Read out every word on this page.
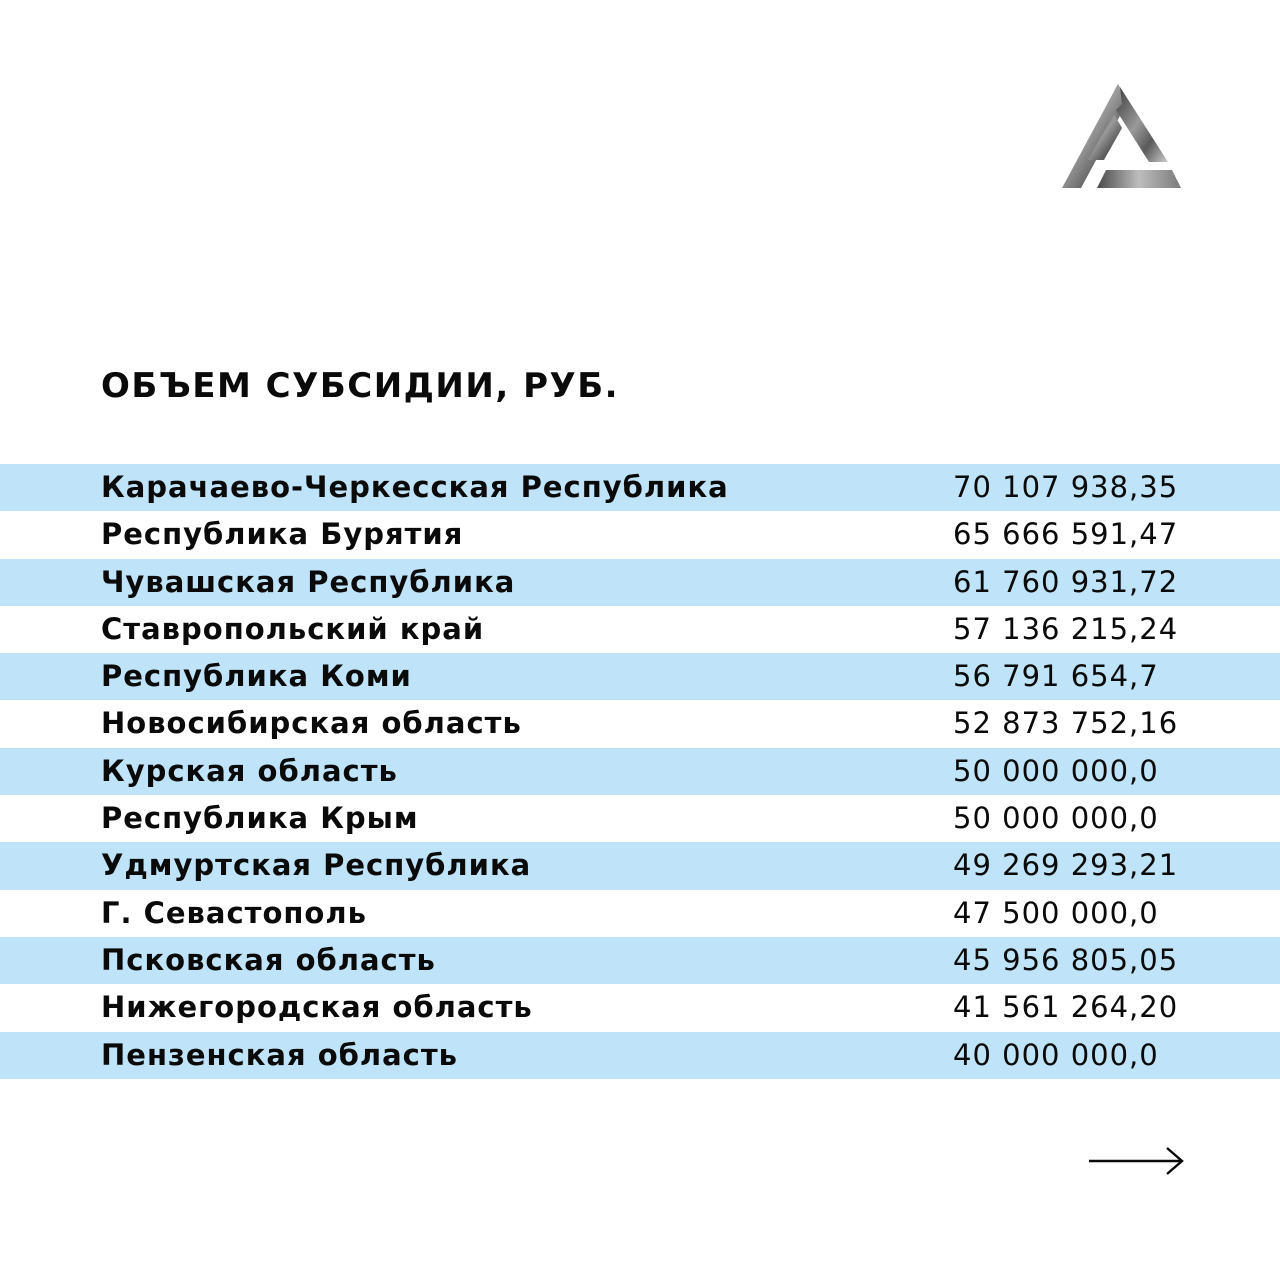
ОБЪЕМ СУБСИДИИ, РУБ.
Карачаево-Черкесская Республика	70 107 938,35
Республика Бурятия	65 666 591,47
Чувашская Республика	61 760 931,72
Ставропольский край	57 136 215,24
Республика Коми	56 791 654,7
Новосибирская область	52 873 752,16
Курская область	50 000 000,0
Республика Крым	50 000 000,0
Удмуртская Республика	49 269 293,21
Г. Севастополь	47 500 000,0
Псковская область	45 956 805,05
Нижегородская область	41 561 264,20
Пензенская область	40 000 000,0
